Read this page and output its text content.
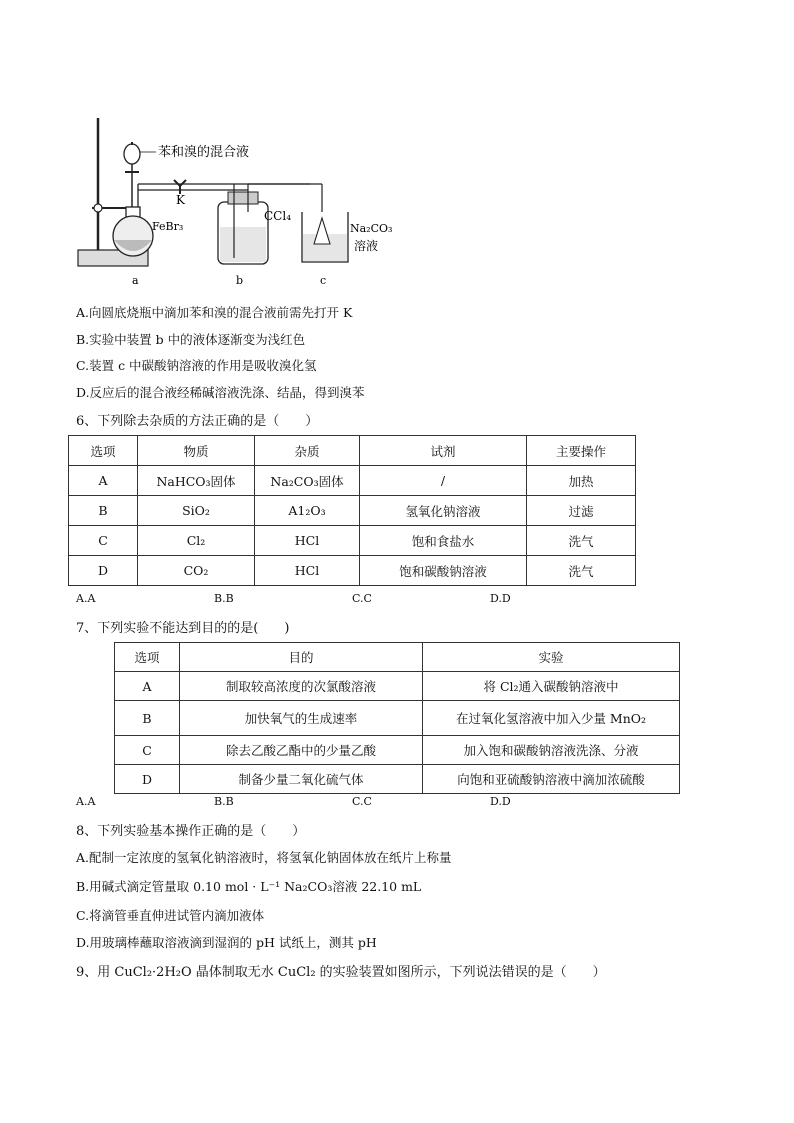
苯和溴的混合液
K
FeBr₃
CCl₄
Na₂CO₃
溶液
a	b	c
A.向圆底烧瓶中滴加苯和溴的混合液前需先打开 K
B.实验中装置 b 中的液体逐渐变为浅红色
C.装置 c 中碳酸钠溶液的作用是吸收溴化氢
D.反应后的混合液经稀碱溶液洗涤、结晶，得到溴苯
6、下列除去杂质的方法正确的是（　　）
选项	物质	杂质	试剂	主要操作
A	NaHCO₃固体	Na₂CO₃固体	/	加热
B	SiO₂	A1₂O₃	氢氧化钠溶液	过滤
C	Cl₂	HCl	饱和食盐水	洗气
D	CO₂	HCl	饱和碳酸钠溶液	洗气
A.A	B.B	C.C	D.D
7、下列实验不能达到目的的是(　　)
选项	目的	实验
A	制取较高浓度的次氯酸溶液	将 Cl₂通入碳酸钠溶液中
B	加快氧气的生成速率	在过氧化氢溶液中加入少量 MnO₂
C	除去乙酸乙酯中的少量乙酸	加入饱和碳酸钠溶液洗涤、分液
D	制备少量二氧化硫气体	向饱和亚硫酸钠溶液中滴加浓硫酸
A.A	B.B	C.C	D.D
8、下列实验基本操作正确的是（　　）
A.配制一定浓度的氢氧化钠溶液时，将氢氧化钠固体放在纸片上称量
B.用碱式滴定管量取 0.10 mol · L⁻¹ Na₂CO₃溶液 22.10 mL
C.将滴管垂直伸进试管内滴加液体
D.用玻璃棒蘸取溶液滴到湿润的 pH 试纸上，测其 pH
9、用 CuCl₂·2H₂O 晶体制取无水 CuCl₂ 的实验装置如图所示，下列说法错误的是（　　）
